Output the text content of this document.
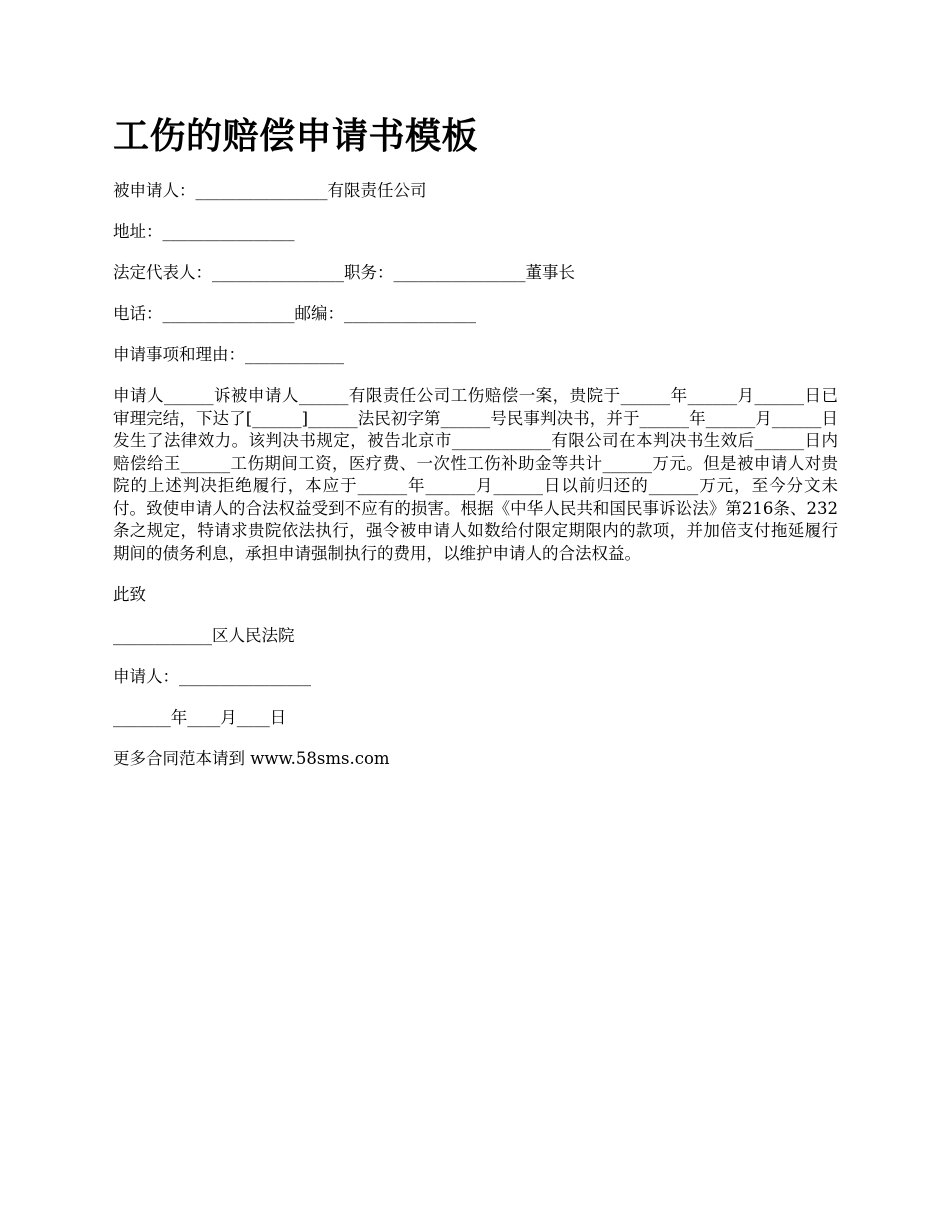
工伤的赔偿申请书模板
被申请人：________________有限责任公司
地址：________________
法定代表人：________________职务：________________董事长
电话：________________邮编：________________
申请事项和理由：____________
申请人______诉被申请人______有限责任公司工伤赔偿一案，贵院于______年______月______日已审理完结，下达了[______]______法民初字第______号民事判决书，并于______年______月______日发生了法律效力。该判决书规定，被告北京市____________有限公司在本判决书生效后______日内赔偿给王______工伤期间工资，医疗费、一次性工伤补助金等共计______万元。但是被申请人对贵院的上述判决拒绝履行，本应于______年______月______日以前归还的______万元，至今分文未付。致使申请人的合法权益受到不应有的损害。根据《中华人民共和国民事诉讼法》第216条、232条之规定，特请求贵院依法执行，强令被申请人如数给付限定期限内的款项，并加倍支付拖延履行期间的债务利息，承担申请强制执行的费用，以维护申请人的合法权益。
此致
____________区人民法院
申请人：________________
_______年____月____日
更多合同范本请到 www.58sms.com
